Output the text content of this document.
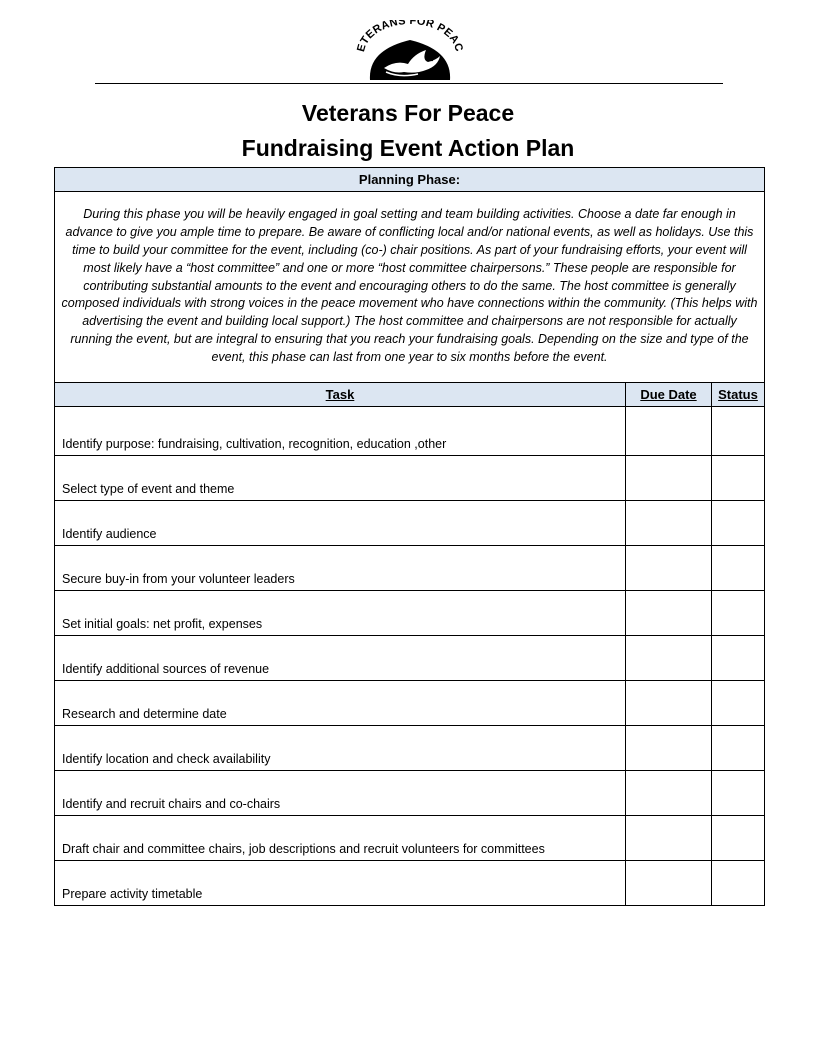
ETERANS FOR PEAC
Veterans For Peace
Fundraising Event Action Plan
Planning Phase:		
During this phase you will be heavily engaged in goal setting and team building activities. Choose a date far enough in advance to give you ample time to prepare. Be aware of conflicting local and/or national events, as well as holidays. Use this time to build your committee for the event, including (co-) chair positions. As part of your fundraising efforts, your event will most likely have a “host committee” and one or more “host committee chairpersons.” These people are responsible for contributing substantial amounts to the event and encouraging others to do the same. The host committee is generally composed individuals with strong voices in the peace movement who have connections within the community. (This helps with advertising the event and building local support.) The host committee and chairpersons are not responsible for actually running the event, but are integral to ensuring that you reach your fundraising goals. Depending on the size and type of the event, this phase can last from one year to six months before the event.		
Task	Due Date	Status
Identify purpose: fundraising, cultivation, recognition, education ,other		
Select type of event and theme		
Identify audience		
Secure buy-in from your volunteer leaders		
Set initial goals: net profit, expenses		
Identify additional sources of revenue		
Research and determine date		
Identify location and check availability		
Identify and recruit chairs and co-chairs		
Draft chair and committee chairs, job descriptions and recruit volunteers for committees		
Prepare activity timetable		
